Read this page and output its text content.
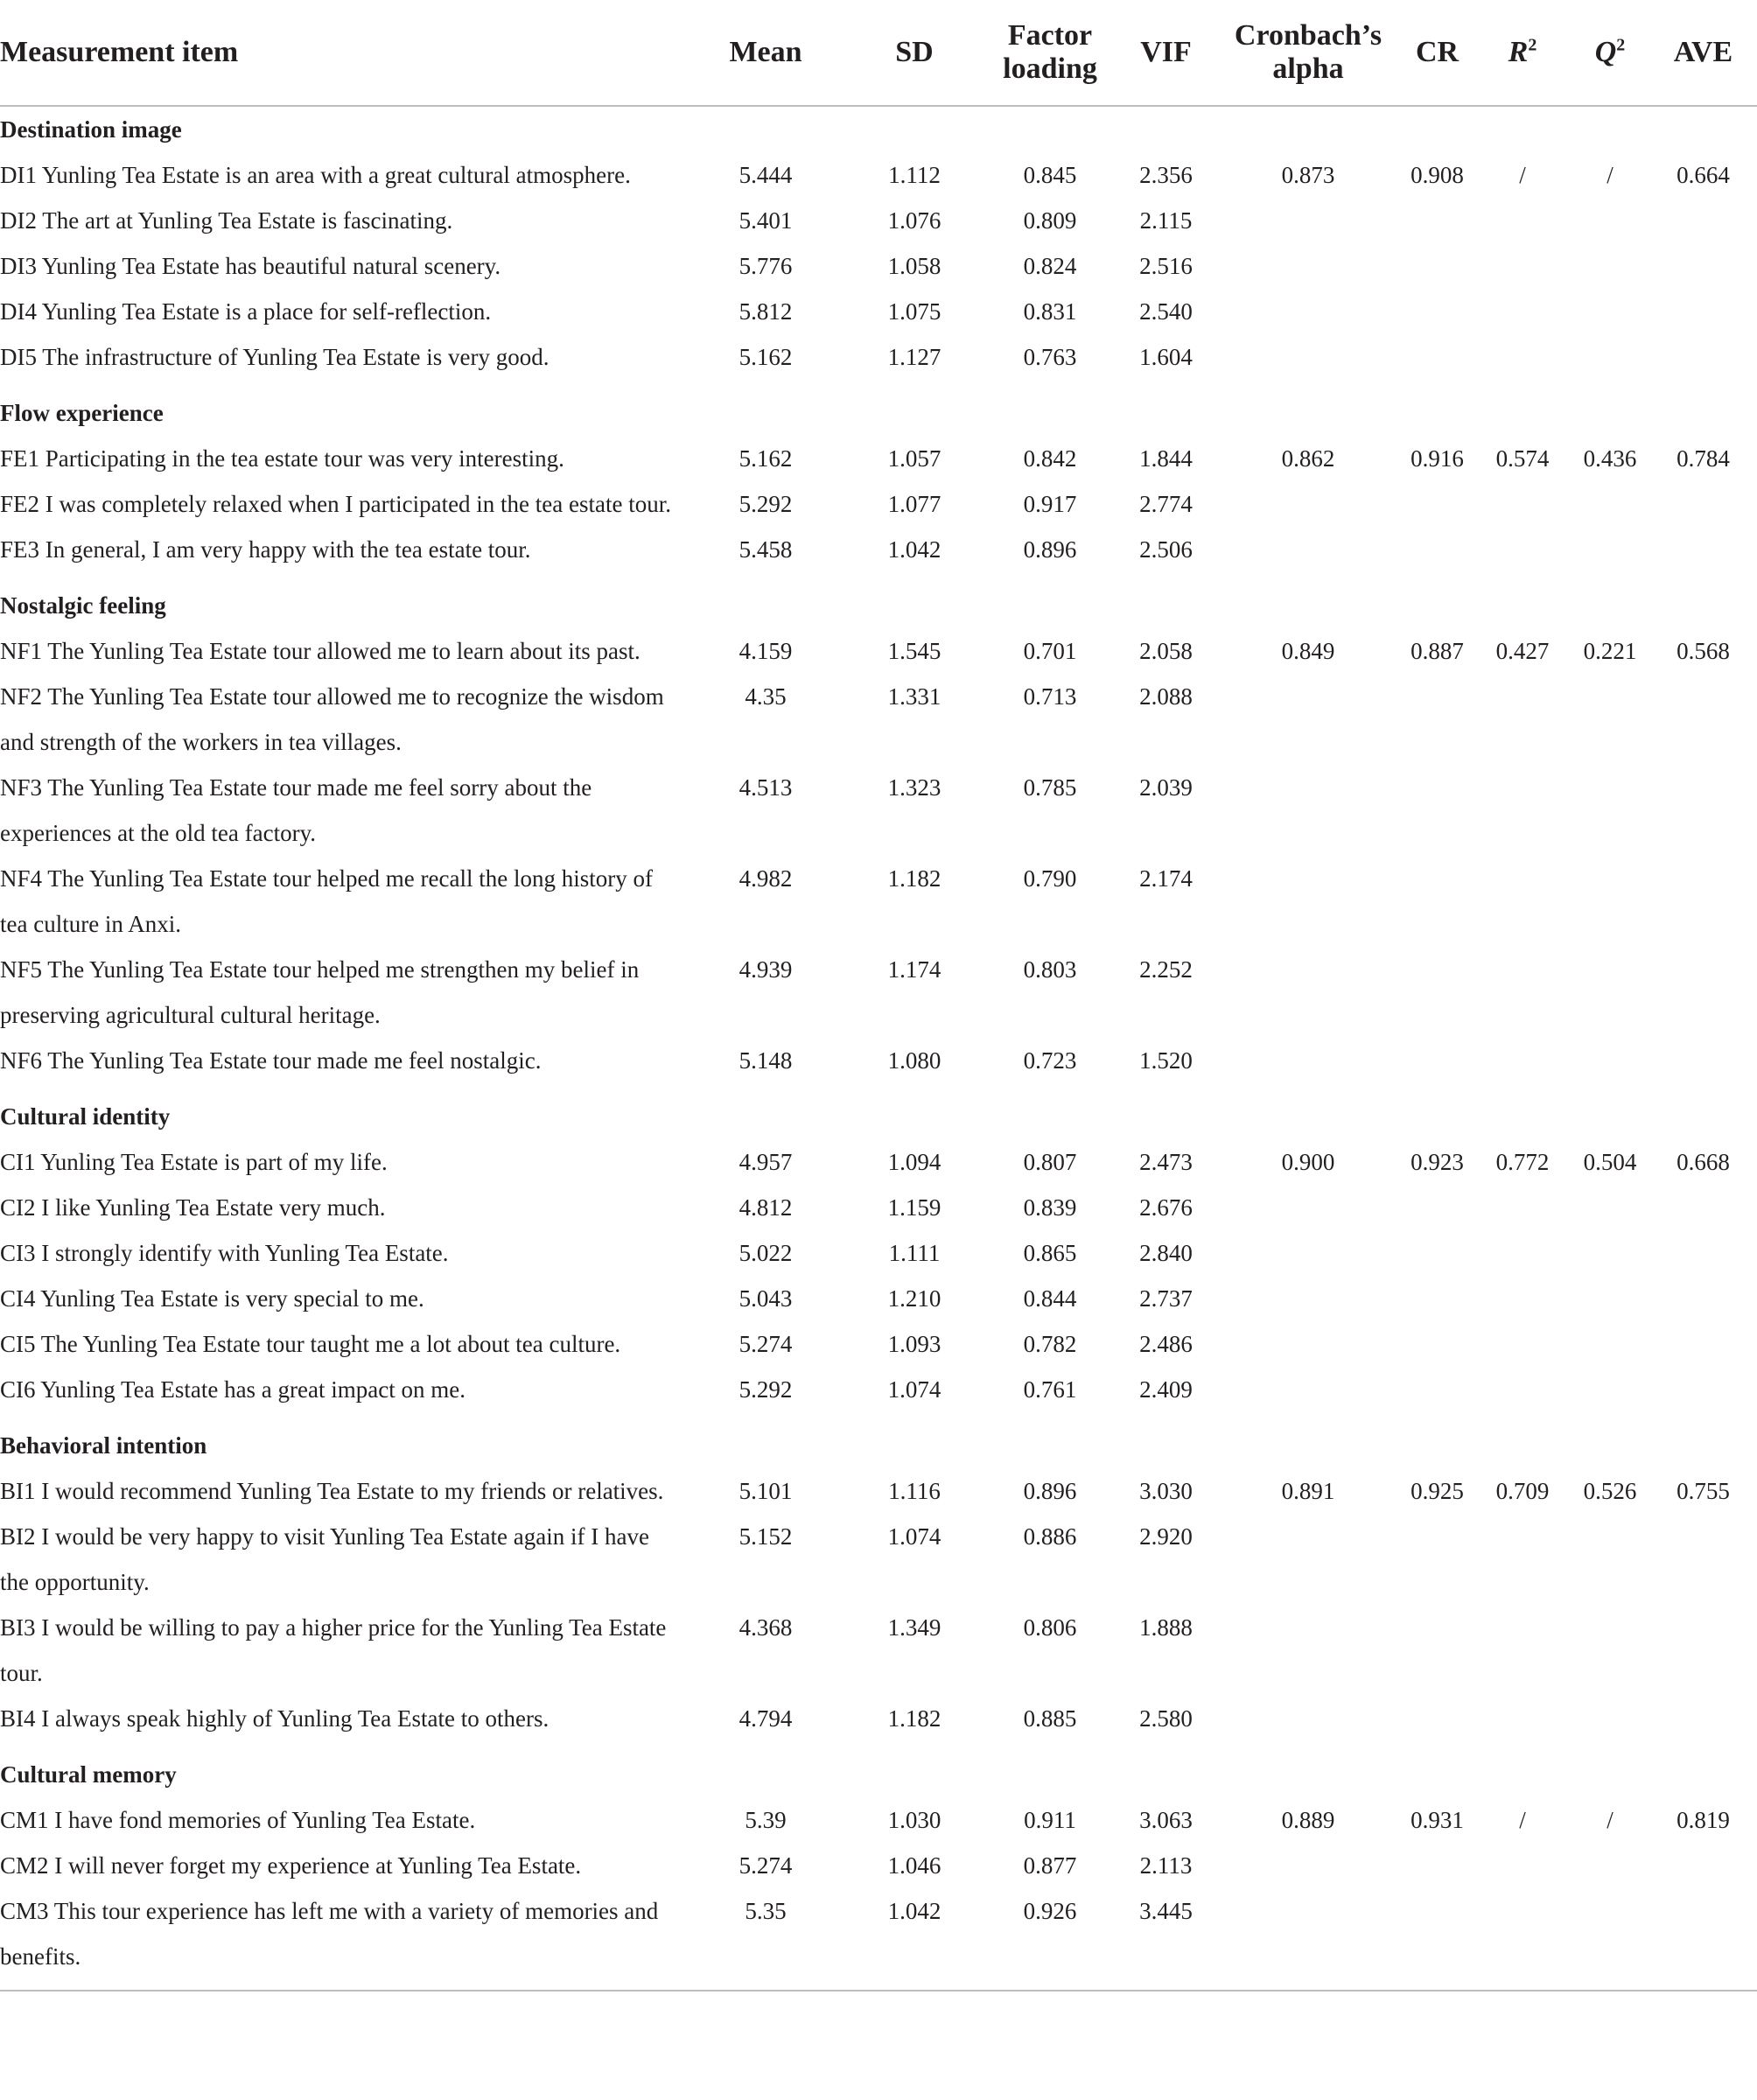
Measurement item	Mean	SD	Factor loading	VIF	Cronbach’s alpha	CR	$R^2$	$Q^2$	AVE
Destination image									
DI1 Yunling Tea Estate is an area with a great cultural atmosphere.	5.444	1.112	0.845	2.356	0.873	0.908	/	/	0.664
DI2 The art at Yunling Tea Estate is fascinating.	5.401	1.076	0.809	2.115					
DI3 Yunling Tea Estate has beautiful natural scenery.	5.776	1.058	0.824	2.516					
DI4 Yunling Tea Estate is a place for self-reflection.	5.812	1.075	0.831	2.540					
DI5 The infrastructure of Yunling Tea Estate is very good.	5.162	1.127	0.763	1.604					
Flow experience									
FE1 Participating in the tea estate tour was very interesting.	5.162	1.057	0.842	1.844	0.862	0.916	0.574	0.436	0.784
FE2 I was completely relaxed when I participated in the tea estate tour.	5.292	1.077	0.917	2.774					
FE3 In general, I am very happy with the tea estate tour.	5.458	1.042	0.896	2.506					
Nostalgic feeling									
NF1 The Yunling Tea Estate tour allowed me to learn about its past.	4.159	1.545	0.701	2.058	0.849	0.887	0.427	0.221	0.568
NF2 The Yunling Tea Estate tour allowed me to recognize the wisdom and strength of the workers in tea villages.	4.35	1.331	0.713	2.088					
NF3 The Yunling Tea Estate tour made me feel sorry about the experiences at the old tea factory.	4.513	1.323	0.785	2.039					
NF4 The Yunling Tea Estate tour helped me recall the long history of tea culture in Anxi.	4.982	1.182	0.790	2.174					
NF5 The Yunling Tea Estate tour helped me strengthen my belief in preserving agricultural cultural heritage.	4.939	1.174	0.803	2.252					
NF6 The Yunling Tea Estate tour made me feel nostalgic.	5.148	1.080	0.723	1.520					
Cultural identity									
CI1 Yunling Tea Estate is part of my life.	4.957	1.094	0.807	2.473	0.900	0.923	0.772	0.504	0.668
CI2 I like Yunling Tea Estate very much.	4.812	1.159	0.839	2.676					
CI3 I strongly identify with Yunling Tea Estate.	5.022	1.111	0.865	2.840					
CI4 Yunling Tea Estate is very special to me.	5.043	1.210	0.844	2.737					
CI5 The Yunling Tea Estate tour taught me a lot about tea culture.	5.274	1.093	0.782	2.486					
CI6 Yunling Tea Estate has a great impact on me.	5.292	1.074	0.761	2.409					
Behavioral intention									
BI1 I would recommend Yunling Tea Estate to my friends or relatives.	5.101	1.116	0.896	3.030	0.891	0.925	0.709	0.526	0.755
BI2 I would be very happy to visit Yunling Tea Estate again if I have the opportunity.	5.152	1.074	0.886	2.920					
BI3 I would be willing to pay a higher price for the Yunling Tea Estate tour.	4.368	1.349	0.806	1.888					
BI4 I always speak highly of Yunling Tea Estate to others.	4.794	1.182	0.885	2.580					
Cultural memory									
CM1 I have fond memories of Yunling Tea Estate.	5.39	1.030	0.911	3.063	0.889	0.931	/	/	0.819
CM2 I will never forget my experience at Yunling Tea Estate.	5.274	1.046	0.877	2.113					
CM3 This tour experience has left me with a variety of memories and benefits.	5.35	1.042	0.926	3.445					
